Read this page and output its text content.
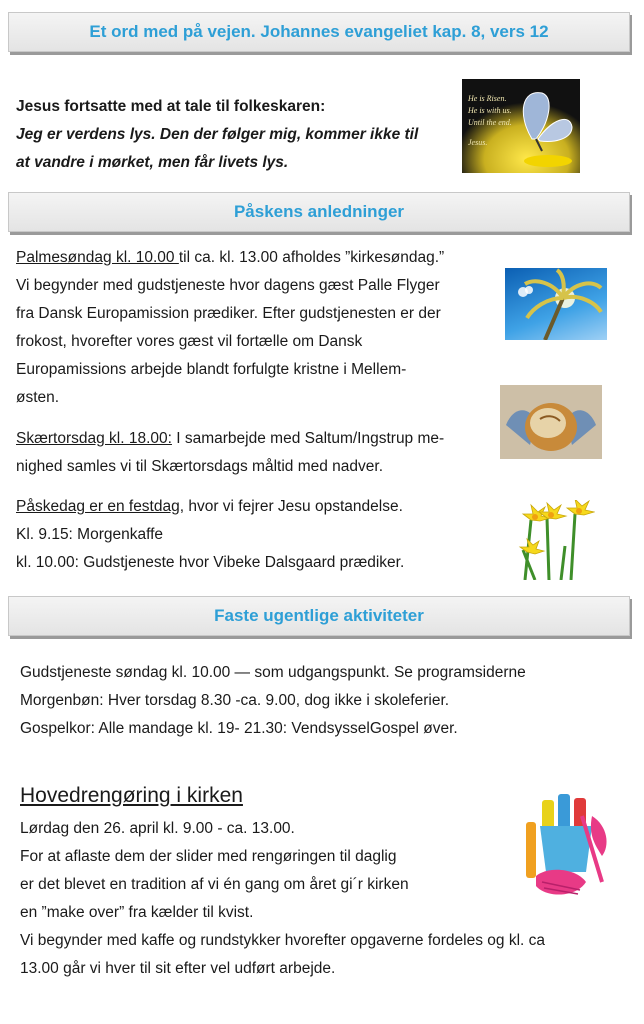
Et ord med på vejen. Johannes evangeliet kap. 8, vers 12
Jesus fortsatte med at tale til folkeskaren:
Jeg er verdens lys. Den der følger mig, kommer ikke til
at vandre i mørket, men får livets lys.
He is Risen.
He is with us.
Until the end.
Jesus.
Påskens anledninger
Palmesøndag kl. 10.00 til ca. kl. 13.00 afholdes ”kirkesøndag.”
Vi begynder med gudstjeneste hvor dagens gæst Palle Flyger
fra Dansk Europamission prædiker. Efter gudstjenesten er der
frokost, hvorefter vores gæst vil fortælle om Dansk
Europamissions arbejde blandt forfulgte kristne i Mellem-
østen.
Skærtorsdag kl. 18.00: I samarbejde med Saltum/Ingstrup me-
nighed samles vi til Skærtorsdags måltid med nadver.
Påskedag er en festdag, hvor vi fejrer Jesu opstandelse.
Kl. 9.15: Morgenkaffe
kl. 10.00: Gudstjeneste hvor Vibeke Dalsgaard prædiker.
Faste ugentlige aktiviteter
Gudstjeneste søndag kl. 10.00 — som udgangspunkt. Se programsiderne
Morgenbøn: Hver torsdag 8.30 -ca. 9.00, dog ikke i skoleferier.
Gospelkor: Alle mandage kl. 19- 21.30: VendsysselGospel øver.
Hovedrengøring i kirken
Lørdag den 26. april kl. 9.00 - ca. 13.00.
For at aflaste dem der slider med rengøringen til daglig
er det blevet en tradition af vi én gang om året gi´r kirken
en ”make over” fra kælder til kvist.
Vi begynder med kaffe og rundstykker hvorefter opgaverne fordeles og kl. ca
13.00 går vi hver til sit efter vel udført arbejde.
